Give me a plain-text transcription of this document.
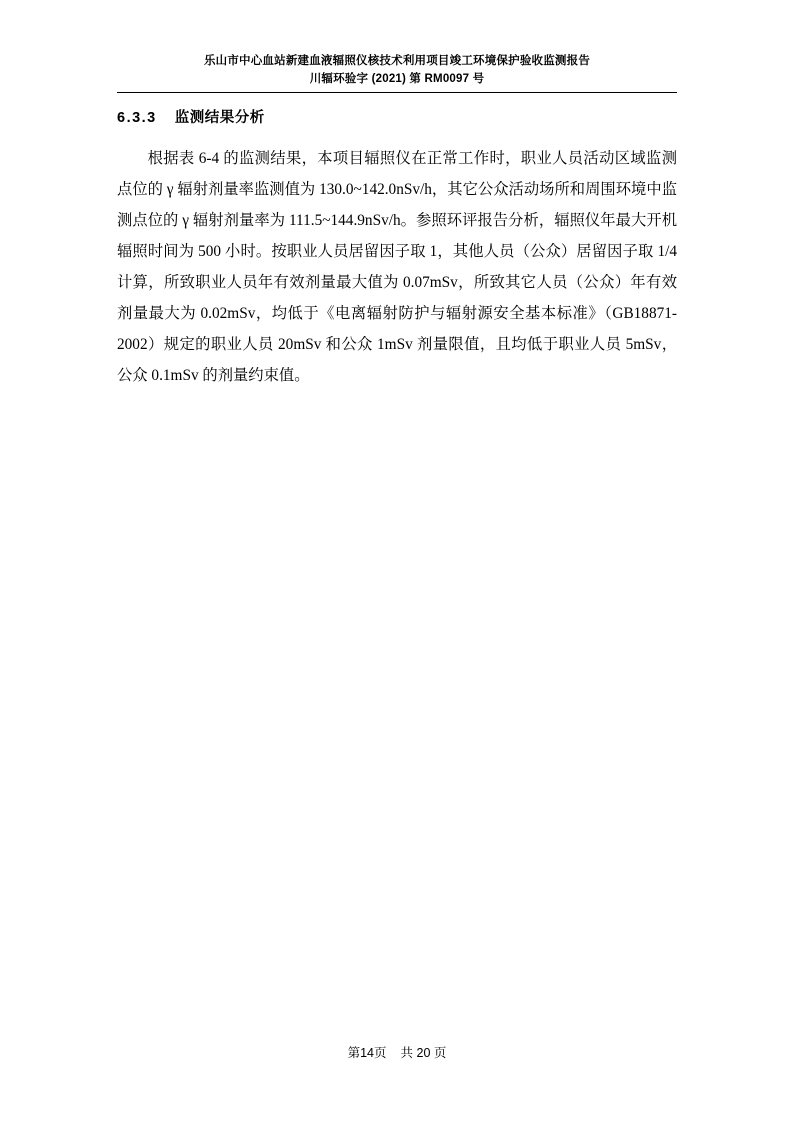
乐山市中心血站新建血液辐照仪核技术利用项目竣工环境保护验收监测报告
川辐环验字 (2021) 第 RM0097 号
6.3.3 监测结果分析

根据表 6-4 的监测结果，本项目辐照仪在正常工作时，职业人员活动区域监测点位的 γ 辐射剂量率监测值为 130.0~142.0nSv/h，其它公众活动场所和周围环境中监测点位的 γ 辐射剂量率为 111.5~144.9nSv/h。参照环评报告分析，辐照仪年最大开机辐照时间为 500 小时。按职业人员居留因子取 1，其他人员（公众）居留因子取 1/4 计算，所致职业人员年有效剂量最大值为 0.07mSv，所致其它人员（公众）年有效剂量最大为 0.02mSv，均低于《电离辐射防护与辐射源安全基本标准》（GB18871-2002）规定的职业人员 20mSv 和公众 1mSv 剂量限值，且均低于职业人员 5mSv，公众 0.1mSv 的剂量约束值。

第14页 共 20 页
